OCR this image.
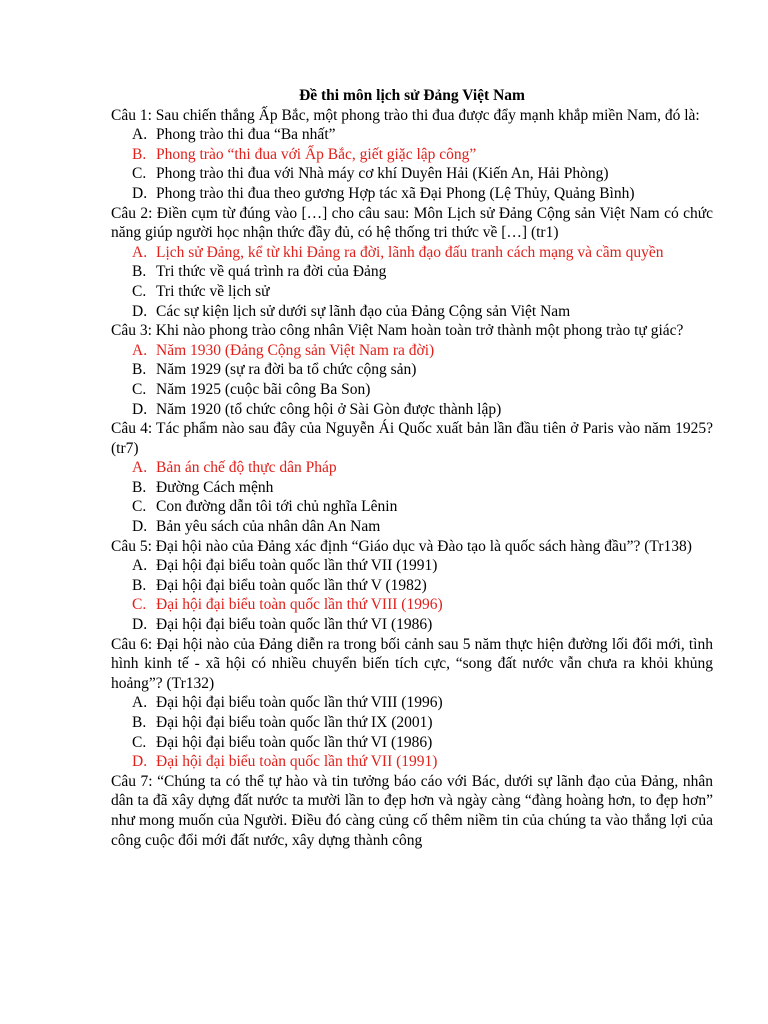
Đề thi môn lịch sử Đảng Việt Nam
Câu 1: Sau chiến thắng Ấp Bắc, một phong trào thi đua được đẩy mạnh khắp miền Nam, đó là:
A. Phong trào thi đua “Ba nhất”
B. Phong trào “thi đua với Ấp Bắc, giết giặc lập công”
C. Phong trào thi đua với Nhà máy cơ khí Duyên Hải (Kiến An, Hải Phòng)
D. Phong trào thi đua theo gương Hợp tác xã Đại Phong (Lệ Thủy, Quảng Bình)
Câu 2: Điền cụm từ đúng vào […] cho câu sau: Môn Lịch sử Đảng Cộng sản Việt Nam có chức năng giúp người học nhận thức đầy đủ, có hệ thống tri thức về […] (tr1)
A. Lịch sử Đảng, kể từ khi Đảng ra đời, lãnh đạo đấu tranh cách mạng và cầm quyền
B. Tri thức về quá trình ra đời của Đảng
C. Tri thức về lịch sử
D. Các sự kiện lịch sử dưới sự lãnh đạo của Đảng Cộng sản Việt Nam
Câu 3: Khi nào phong trào công nhân Việt Nam hoàn toàn trở thành một phong trào tự giác?
A. Năm 1930 (Đảng Cộng sản Việt Nam ra đời)
B. Năm 1929 (sự ra đời ba tổ chức cộng sản)
C. Năm 1925 (cuộc bãi công Ba Son)
D. Năm 1920 (tổ chức công hội ở Sài Gòn được thành lập)
Câu 4: Tác phẩm nào sau đây của Nguyễn Ái Quốc xuất bản lần đầu tiên ở Paris vào năm 1925? (tr7)
A. Bản án chế độ thực dân Pháp
B. Đường Cách mệnh
C. Con đường dẫn tôi tới chủ nghĩa Lênin
D. Bản yêu sách của nhân dân An Nam
Câu 5: Đại hội nào của Đảng xác định “Giáo dục và Đào tạo là quốc sách hàng đầu”? (Tr138)
A. Đại hội đại biểu toàn quốc lần thứ VII (1991)
B. Đại hội đại biểu toàn quốc lần thứ V (1982)
C. Đại hội đại biểu toàn quốc lần thứ VIII (1996)
D. Đại hội đại biểu toàn quốc lần thứ VI (1986)
Câu 6: Đại hội nào của Đảng diễn ra trong bối cảnh sau 5 năm thực hiện đường lối đổi mới, tình hình kinh tế - xã hội có nhiều chuyển biến tích cực, “song đất nước vẫn chưa ra khỏi khủng hoảng”? (Tr132)
A. Đại hội đại biểu toàn quốc lần thứ VIII (1996)
B. Đại hội đại biểu toàn quốc lần thứ IX (2001)
C. Đại hội đại biểu toàn quốc lần thứ VI (1986)
D. Đại hội đại biểu toàn quốc lần thứ VII (1991)
Câu 7: “Chúng ta có thể tự hào và tin tưởng báo cáo với Bác, dưới sự lãnh đạo của Đảng, nhân dân ta đã xây dựng đất nước ta mười lần to đẹp hơn và ngày càng “đàng hoàng hơn, to đẹp hơn” như mong muốn của Người. Điều đó càng củng cố thêm niềm tin của chúng ta vào thắng lợi của công cuộc đổi mới đất nước, xây dựng thành công
